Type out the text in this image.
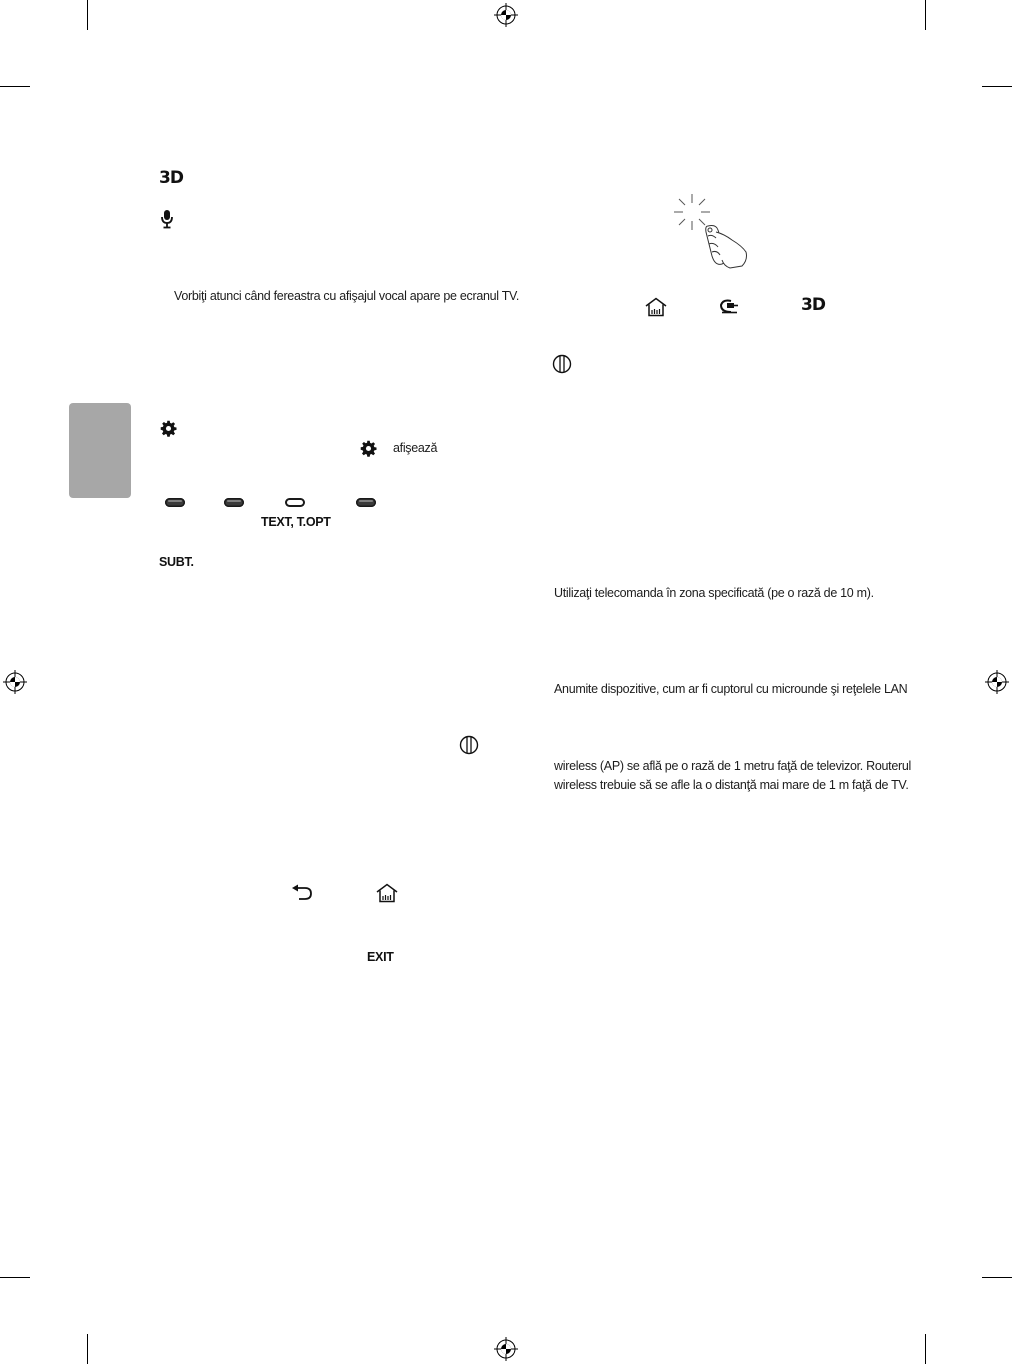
3D
Vorbiţi atunci când fereastra cu afişajul vocal apare pe ecranul TV.
afişează
TEXT, T.OPT
SUBT.
EXIT
3D
Utilizaţi telecomanda în zona specificată (pe o rază de 10 m).
Anumite dispozitive, cum ar fi cuptorul cu microunde şi reţelele LAN
wireless (AP) se află pe o rază de 1 metru faţă de televizor. Routerul
wireless trebuie să se afle la o distanţă mai mare de 1 m faţă de TV.
